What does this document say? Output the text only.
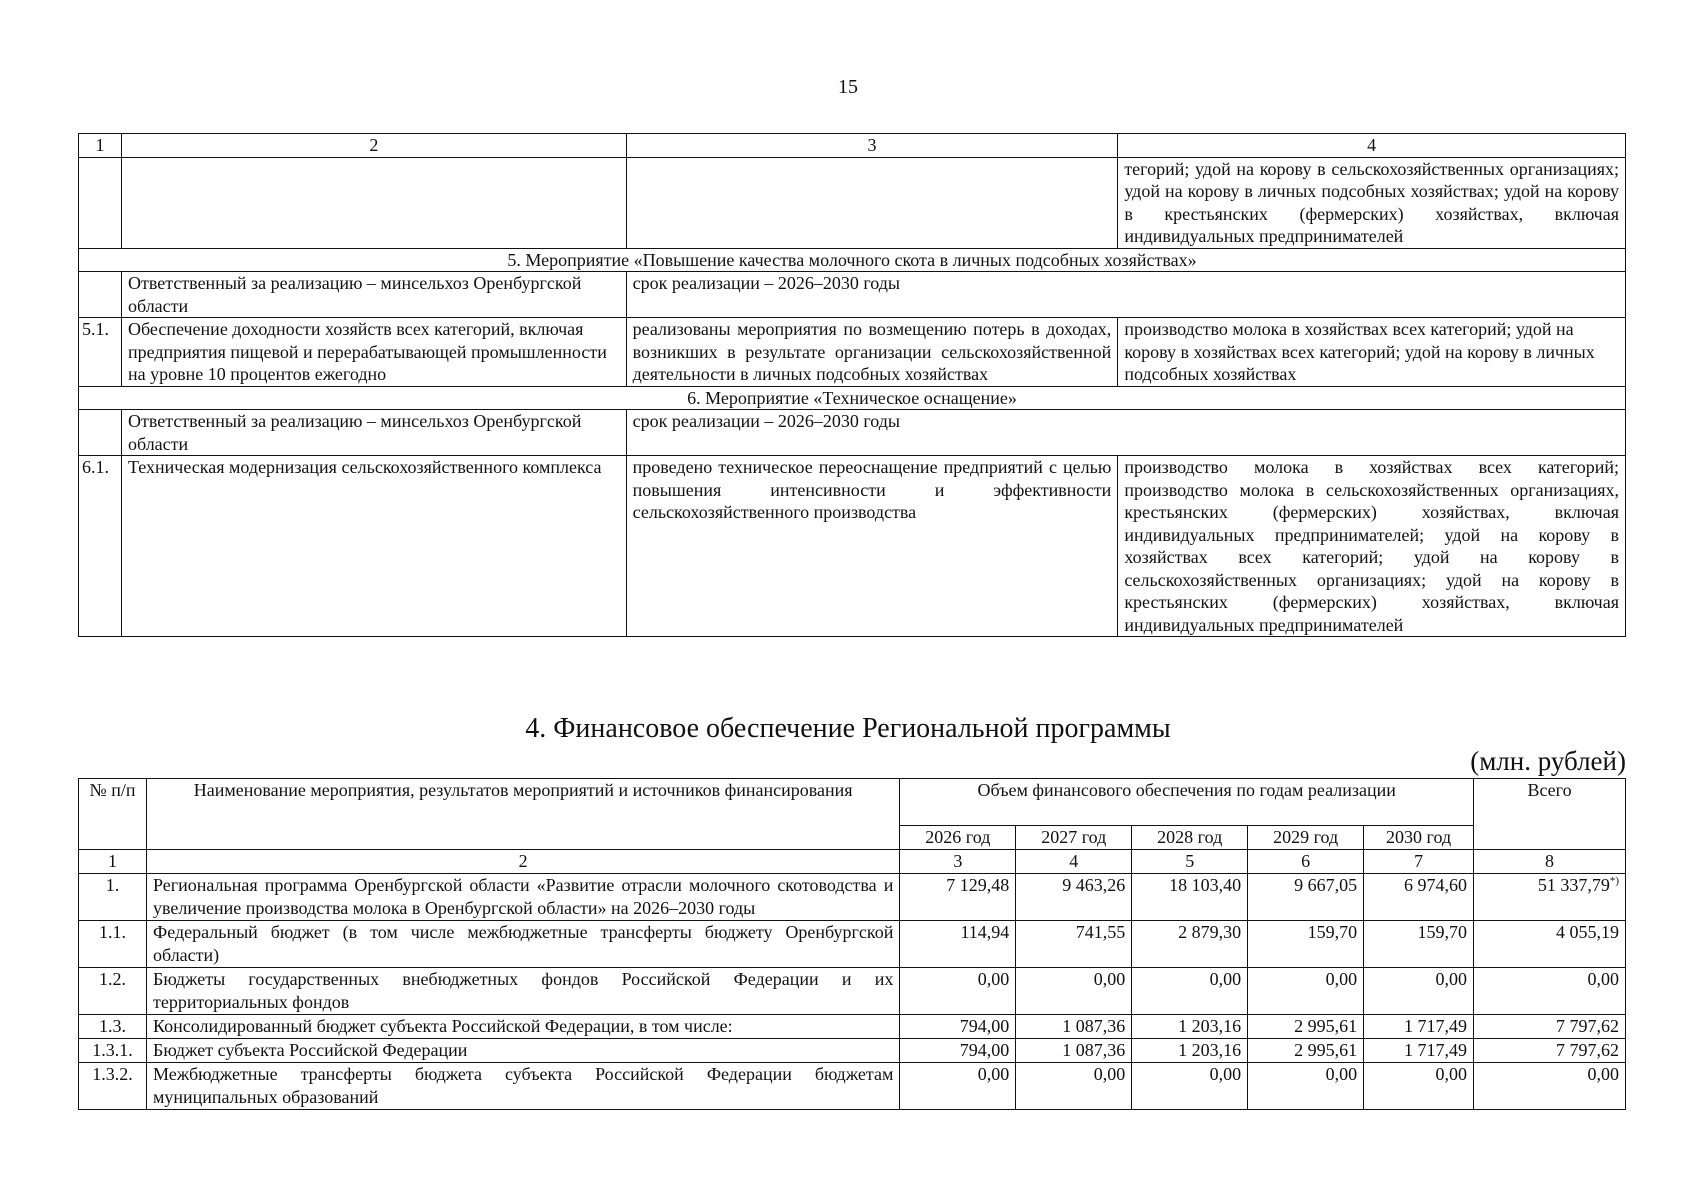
15
1	2	3	4
			тегорий; удой на корову в сельскохозяйственных организациях; удой на корову в личных подсобных хозяйствах; удой на корову в крестьянских (фермерских) хозяйствах, включая индивидуальных предпринимателей
5. Мероприятие «Повышение качества молочного скота в личных подсобных хозяйствах»			
	Ответственный за реализацию – минсельхоз Оренбургской области	срок реализации – 2026–2030 годы	
5.1.	Обеспечение доходности хозяйств всех категорий, включая предприятия пищевой и перерабатывающей промышленности на уровне 10 процентов ежегодно	реализованы мероприятия по возмещению потерь в доходах, возникших в результате организации сельскохозяйственной деятельности в личных подсобных хозяйствах	производство молока в хозяйствах всех категорий; удой на корову в хозяйствах всех категорий; удой на корову в личных подсобных хозяйствах
6. Мероприятие «Техническое оснащение»			
	Ответственный за реализацию – минсельхоз Оренбургской области	срок реализации – 2026–2030 годы	
6.1.	Техническая модернизация сельскохозяйственного комплекса	проведено техническое переоснащение предприятий с целью повышения интенсивности и эффективности сельскохозяйственного производства	производство молока в хозяйствах всех категорий; производство молока в сельскохозяйственных организациях, крестьянских (фермерских) хозяйствах, включая индивидуальных предпринимателей; удой на корову в хозяйствах всех категорий; удой на корову в сельскохозяйственных организациях; удой на корову в крестьянских (фермерских) хозяйствах, включая индивидуальных предпринимателей
4. Финансовое обеспечение Региональной программы
(млн. рублей)
№ п/п	Наименование мероприятия, результатов мероприятий и источников финансирования	Объем финансового обеспечения по годам реализации					Всего
		2026 год	2027 год	2028 год	2029 год	2030 год	
1	2	3	4	5	6	7	8
1.	Региональная программа Оренбургской области «Развитие отрасли молочного скотоводства и увеличение производства молока в Оренбургской области» на 2026–2030 годы	7 129,48	9 463,26	18 103,40	9 667,05	6 974,60	51 337,79*)
1.1.	Федеральный бюджет (в том числе межбюджетные трансферты бюджету Оренбургской области)	114,94	741,55	2 879,30	159,70	159,70	4 055,19
1.2.	Бюджеты государственных внебюджетных фондов Российской Федерации и их территориальных фондов	0,00	0,00	0,00	0,00	0,00	0,00
1.3.	Консолидированный бюджет субъекта Российской Федерации, в том числе:	794,00	1 087,36	1 203,16	2 995,61	1 717,49	7 797,62
1.3.1.	Бюджет субъекта Российской Федерации	794,00	1 087,36	1 203,16	2 995,61	1 717,49	7 797,62
1.3.2.	Межбюджетные трансферты бюджета субъекта Российской Федерации бюджетам муниципальных образований	0,00	0,00	0,00	0,00	0,00	0,00
